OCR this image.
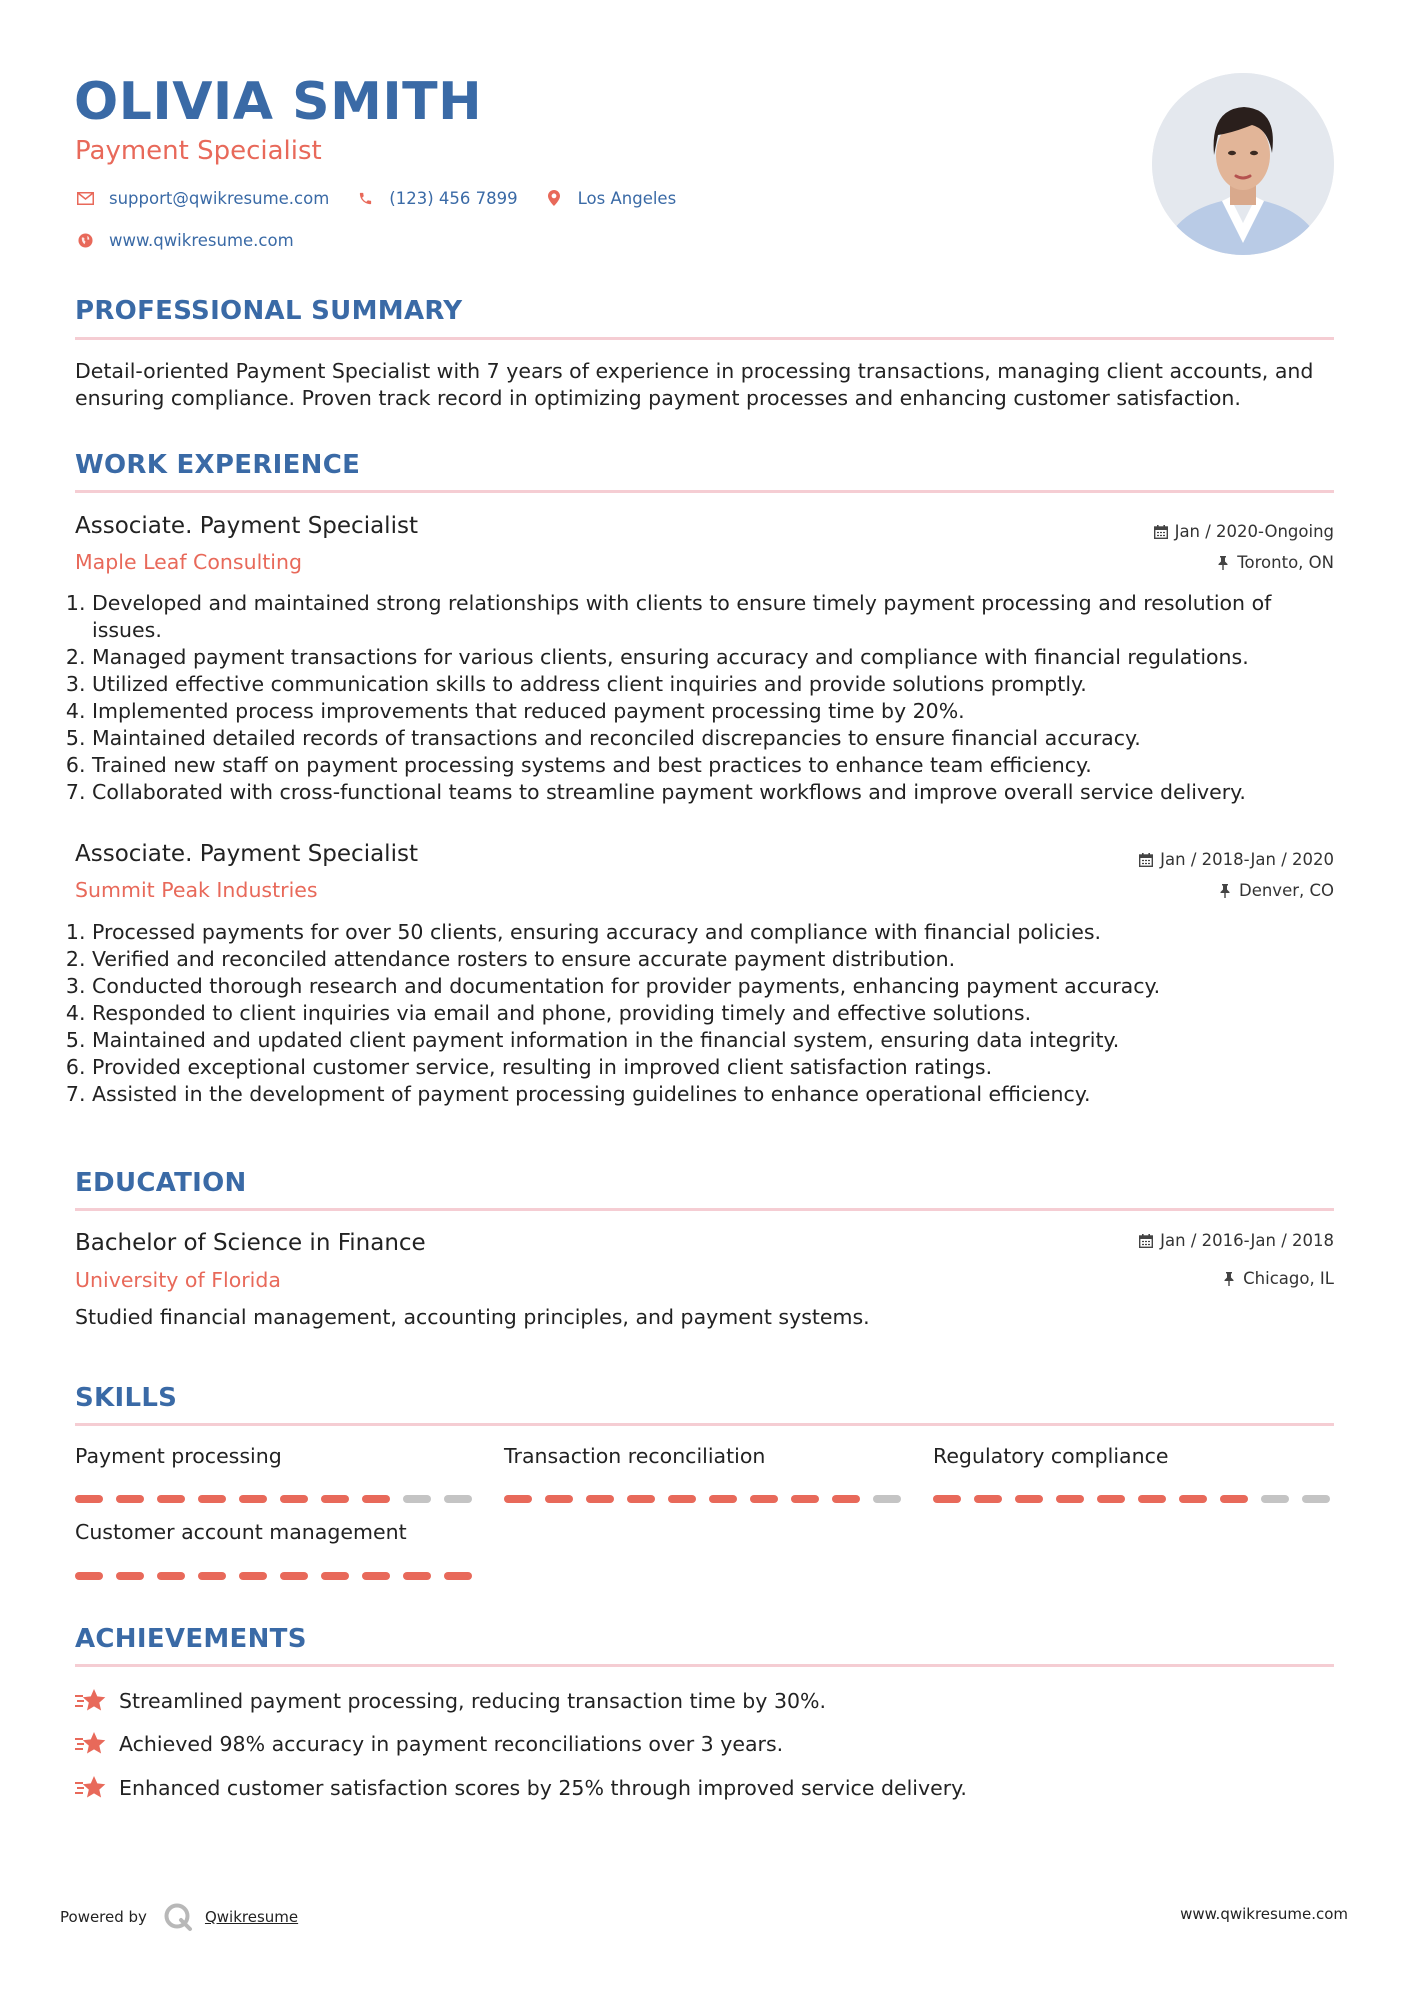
OLIVIA SMITH
Payment Specialist
support@qwikresume.com	(123) 456 7899	Los Angeles
www.qwikresume.com
PROFESSIONAL SUMMARY
Detail-oriented Payment Specialist with 7 years of experience in processing transactions, managing client accounts, and ensuring compliance. Proven track record in optimizing payment processes and enhancing customer satisfaction.
WORK EXPERIENCE
Associate. Payment Specialist
Maple Leaf Consulting
Jan / 2020-Ongoing
Toronto, ON
1. Developed and maintained strong relationships with clients to ensure timely payment processing and resolution of issues.
2. Managed payment transactions for various clients, ensuring accuracy and compliance with financial regulations.
3. Utilized effective communication skills to address client inquiries and provide solutions promptly.
4. Implemented process improvements that reduced payment processing time by 20%.
5. Maintained detailed records of transactions and reconciled discrepancies to ensure financial accuracy.
6. Trained new staff on payment processing systems and best practices to enhance team efficiency.
7. Collaborated with cross-functional teams to streamline payment workflows and improve overall service delivery.
Associate. Payment Specialist
Summit Peak Industries
Jan / 2018-Jan / 2020
Denver, CO
1. Processed payments for over 50 clients, ensuring accuracy and compliance with financial policies.
2. Verified and reconciled attendance rosters to ensure accurate payment distribution.
3. Conducted thorough research and documentation for provider payments, enhancing payment accuracy.
4. Responded to client inquiries via email and phone, providing timely and effective solutions.
5. Maintained and updated client payment information in the financial system, ensuring data integrity.
6. Provided exceptional customer service, resulting in improved client satisfaction ratings.
7. Assisted in the development of payment processing guidelines to enhance operational efficiency.
EDUCATION
Bachelor of Science in Finance
University of Florida
Jan / 2016-Jan / 2018
Chicago, IL
Studied financial management, accounting principles, and payment systems.
SKILLS
Payment processing	Transaction reconciliation	Regulatory compliance
Customer account management
ACHIEVEMENTS
Streamlined payment processing, reducing transaction time by 30%.
Achieved 98% accuracy in payment reconciliations over 3 years.
Enhanced customer satisfaction scores by 25% through improved service delivery.
Powered by	Qwikresume	www.qwikresume.com
